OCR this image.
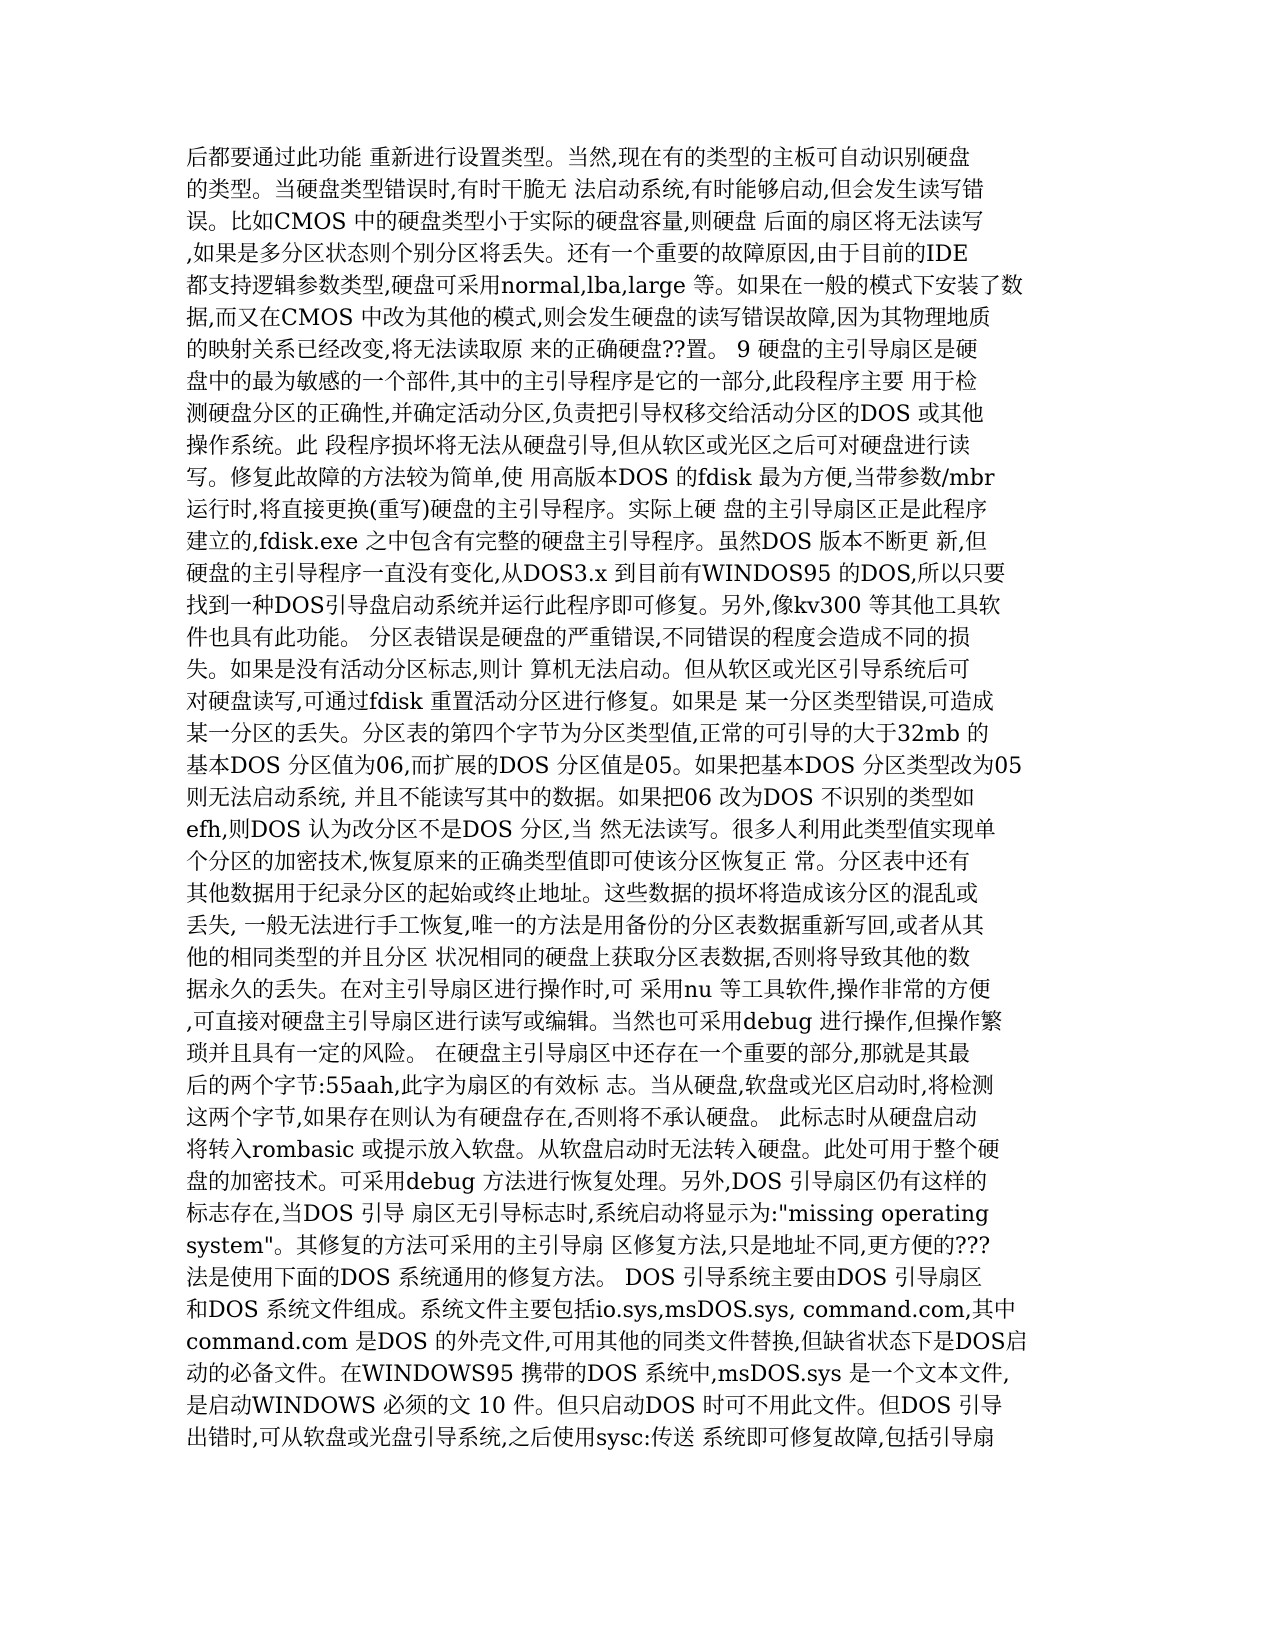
后都要通过此功能 重新进行设置类型。当然,现在有的类型的主板可自动识别硬盘
的类型。当硬盘类型错误时,有时干脆无 法启动系统,有时能够启动,但会发生读写错
误。比如CMOS 中的硬盘类型小于实际的硬盘容量,则硬盘 后面的扇区将无法读写
,如果是多分区状态则个别分区将丢失。还有一个重要的故障原因,由于目前的IDE
都支持逻辑参数类型,硬盘可采用normal,lba,large 等。如果在一般的模式下安装了数
据,而又在CMOS 中改为其他的模式,则会发生硬盘的读写错误故障,因为其物理地质
的映射关系已经改变,将无法读取原 来的正确硬盘??置。 9 硬盘的主引导扇区是硬
盘中的最为敏感的一个部件,其中的主引导程序是它的一部分,此段程序主要 用于检
测硬盘分区的正确性,并确定活动分区,负责把引导权移交给活动分区的DOS 或其他
操作系统。此 段程序损坏将无法从硬盘引导,但从软区或光区之后可对硬盘进行读
写。修复此故障的方法较为简单,使 用高版本DOS 的fdisk 最为方便,当带参数/mbr
运行时,将直接更换(重写)硬盘的主引导程序。实际上硬 盘的主引导扇区正是此程序
建立的,fdisk.exe 之中包含有完整的硬盘主引导程序。虽然DOS 版本不断更 新,但
硬盘的主引导程序一直没有变化,从DOS3.x 到目前有WINDOS95 的DOS,所以只要
找到一种DOS引导盘启动系统并运行此程序即可修复。另外,像kv300 等其他工具软
件也具有此功能。 分区表错误是硬盘的严重错误,不同错误的程度会造成不同的损
失。如果是没有活动分区标志,则计 算机无法启动。但从软区或光区引导系统后可
对硬盘读写,可通过fdisk 重置活动分区进行修复。如果是 某一分区类型错误,可造成
某一分区的丢失。分区表的第四个字节为分区类型值,正常的可引导的大于32mb 的
基本DOS 分区值为06,而扩展的DOS 分区值是05。如果把基本DOS 分区类型改为05
则无法启动系统, 并且不能读写其中的数据。如果把06 改为DOS 不识别的类型如
efh,则DOS 认为改分区不是DOS 分区,当 然无法读写。很多人利用此类型值实现单
个分区的加密技术,恢复原来的正确类型值即可使该分区恢复正 常。分区表中还有
其他数据用于纪录分区的起始或终止地址。这些数据的损坏将造成该分区的混乱或
丢失, 一般无法进行手工恢复,唯一的方法是用备份的分区表数据重新写回,或者从其
他的相同类型的并且分区 状况相同的硬盘上获取分区表数据,否则将导致其他的数
据永久的丢失。在对主引导扇区进行操作时,可 采用nu 等工具软件,操作非常的方便
,可直接对硬盘主引导扇区进行读写或编辑。当然也可采用debug 进行操作,但操作繁
琐并且具有一定的风险。 在硬盘主引导扇区中还存在一个重要的部分,那就是其最
后的两个字节:55aah,此字为扇区的有效标 志。当从硬盘,软盘或光区启动时,将检测
这两个字节,如果存在则认为有硬盘存在,否则将不承认硬盘。 此标志时从硬盘启动
将转入rombasic 或提示放入软盘。从软盘启动时无法转入硬盘。此处可用于整个硬
盘的加密技术。可采用debug 方法进行恢复处理。另外,DOS 引导扇区仍有这样的
标志存在,当DOS 引导 扇区无引导标志时,系统启动将显示为:"missing operating
system"。其修复的方法可采用的主引导扇 区修复方法,只是地址不同,更方便的???
法是使用下面的DOS 系统通用的修复方法。 DOS 引导系统主要由DOS 引导扇区
和DOS 系统文件组成。系统文件主要包括io.sys,msDOS.sys, command.com,其中
command.com 是DOS 的外壳文件,可用其他的同类文件替换,但缺省状态下是DOS启
动的必备文件。在WINDOWS95 携带的DOS 系统中,msDOS.sys 是一个文本文件,
是启动WINDOWS 必须的文 10 件。但只启动DOS 时可不用此文件。但DOS 引导
出错时,可从软盘或光盘引导系统,之后使用sysc:传送 系统即可修复故障,包括引导扇
